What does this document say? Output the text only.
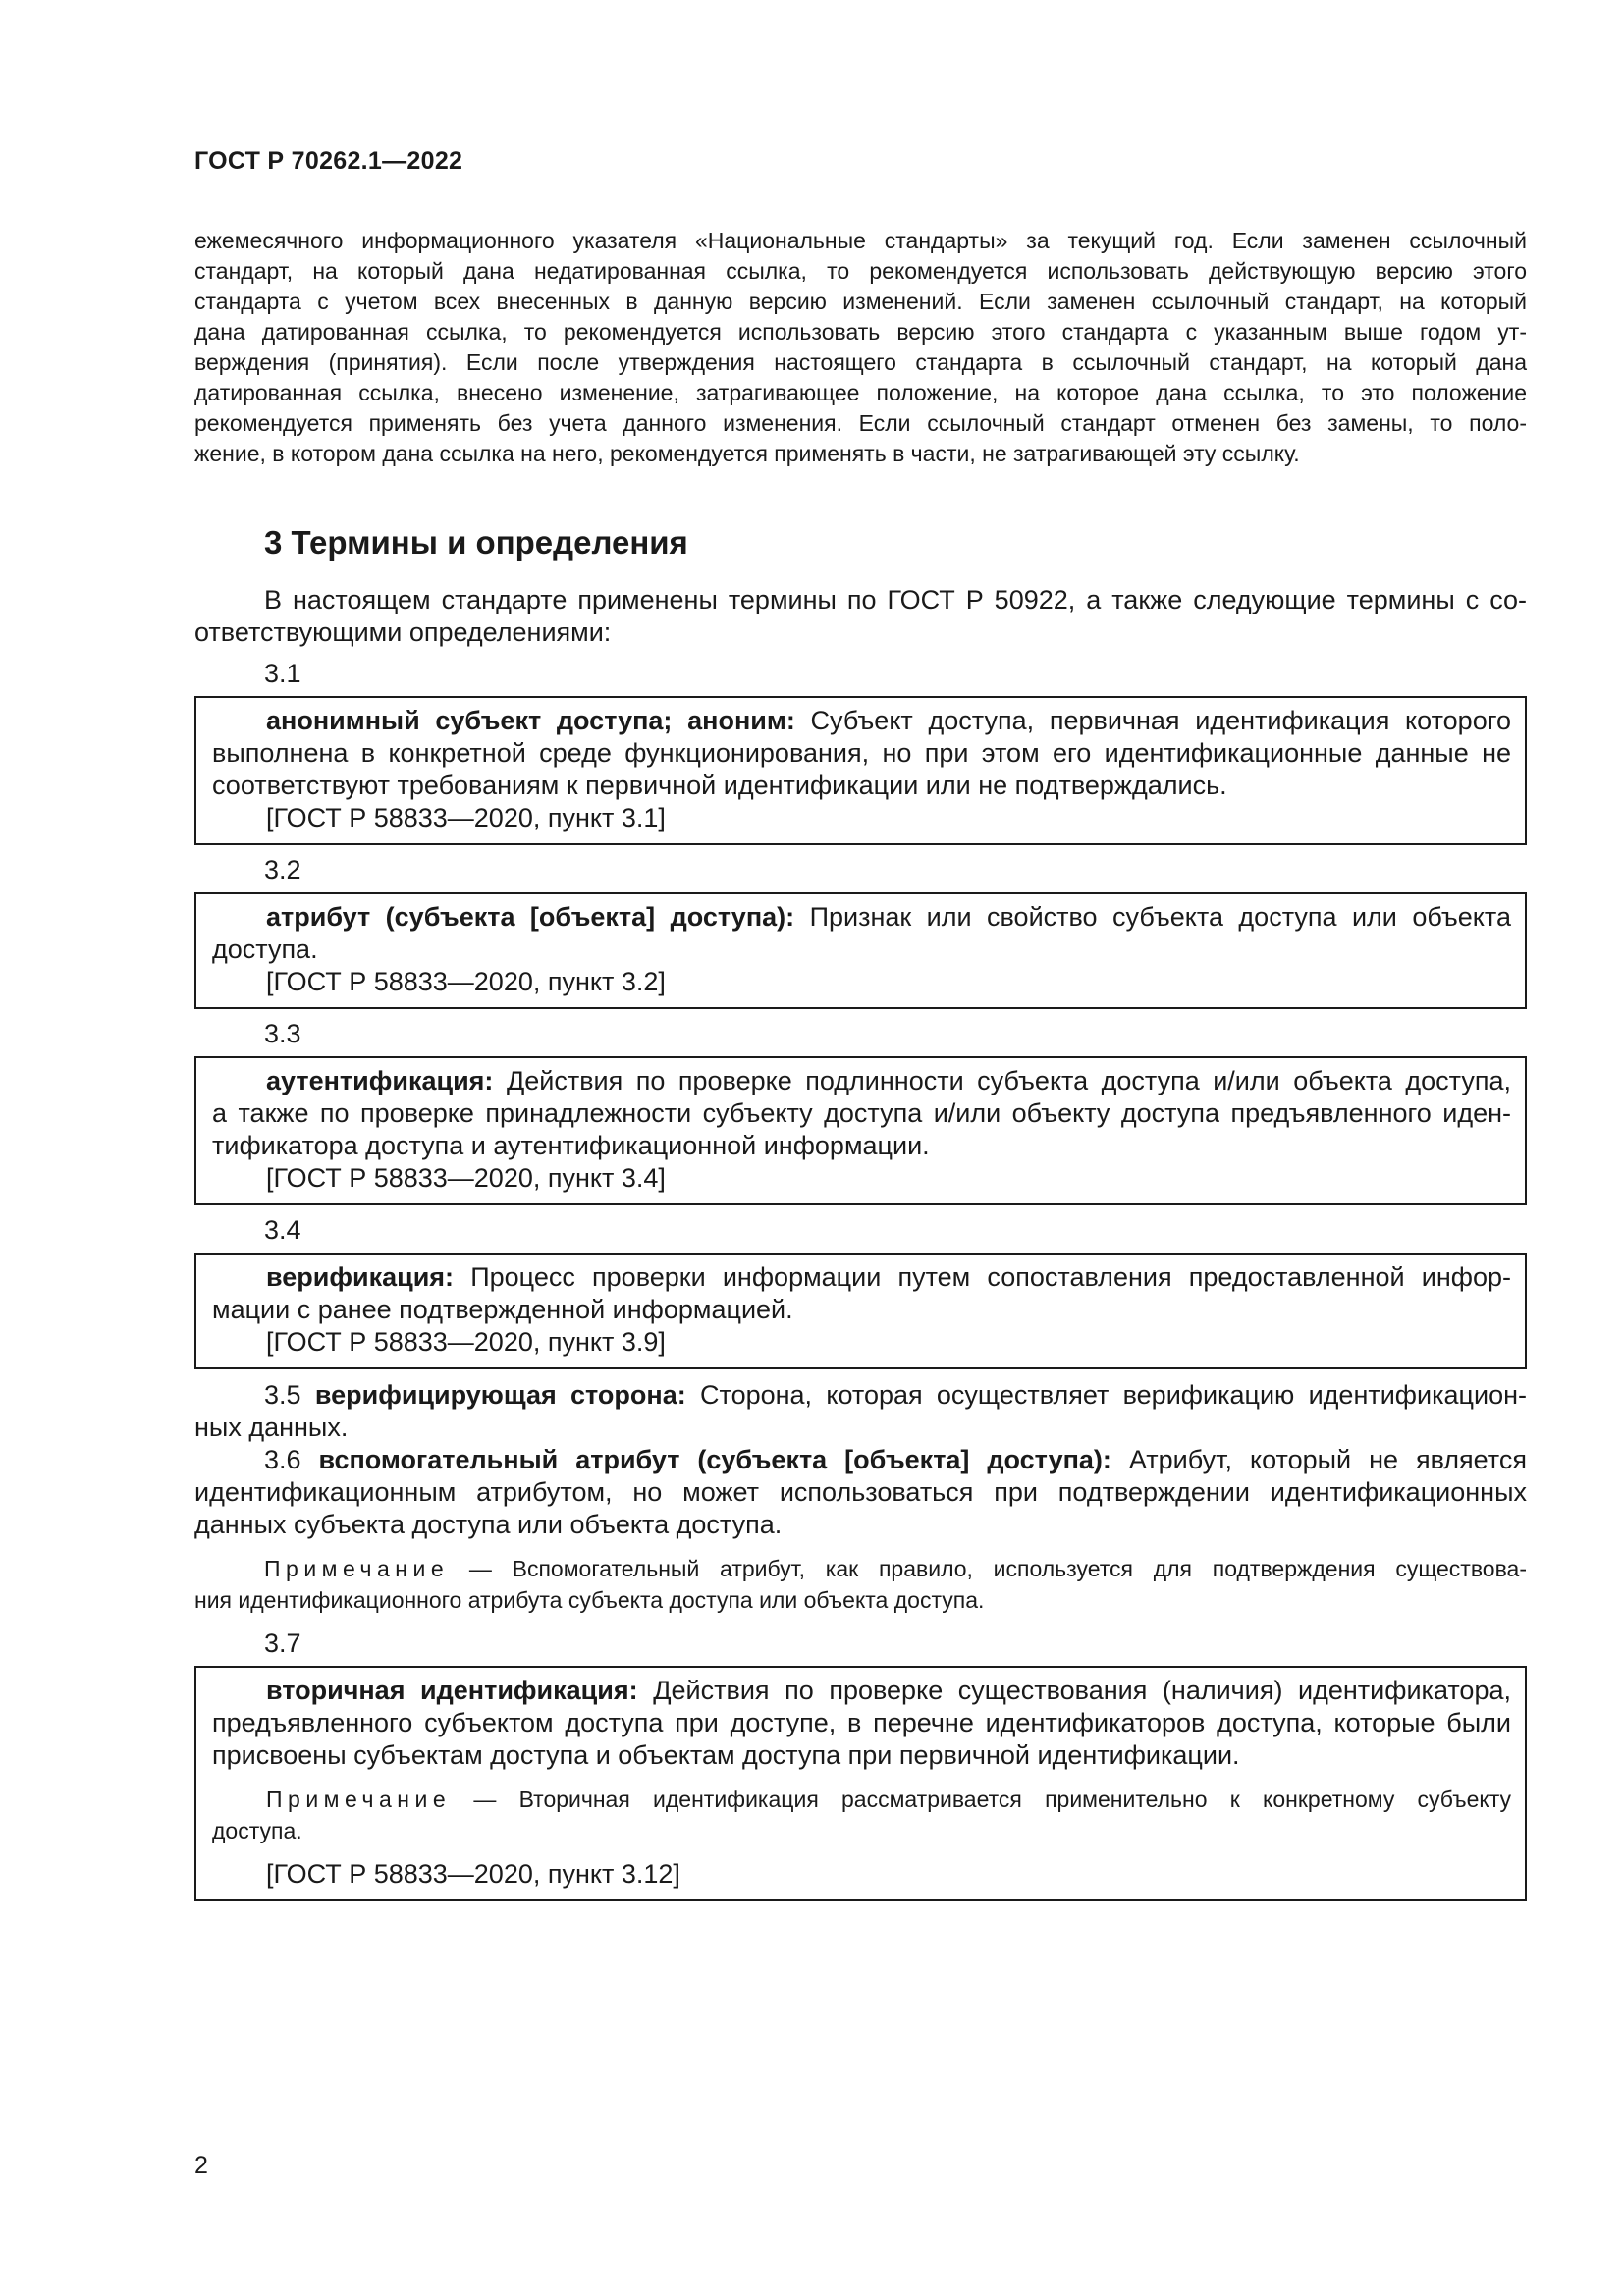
ГОСТ Р 70262.1—2022
ежемесячного информационного указателя «Национальные стандарты» за текущий год. Если заменен ссылочный
стандарт, на который дана недатированная ссылка, то рекомендуется использовать действующую версию этого
стандарта с учетом всех внесенных в данную версию изменений. Если заменен ссылочный стандарт, на который
дана датированная ссылка, то рекомендуется использовать версию этого стандарта с указанным выше годом ут-
верждения (принятия). Если после утверждения настоящего стандарта в ссылочный стандарт, на который дана
датированная ссылка, внесено изменение, затрагивающее положение, на которое дана ссылка, то это положение
рекомендуется применять без учета данного изменения. Если ссылочный стандарт отменен без замены, то поло-
жение, в котором дана ссылка на него, рекомендуется применять в части, не затрагивающей эту ссылку.
3 Термины и определения

В настоящем стандарте применены термины по ГОСТ Р 50922, а также следующие термины с со-
ответствующими определениями:

3.1
анонимный субъект доступа; аноним: Субъект доступа, первичная идентификация которого
выполнена в конкретной среде функционирования, но при этом его идентификационные данные не
соответствуют требованиям к первичной идентификации или не подтверждались.
[ГОСТ Р 58833—2020, пункт 3.1]
3.2
атрибут (субъекта [объекта] доступа): Признак или свойство субъекта доступа или объекта
доступа.
[ГОСТ Р 58833—2020, пункт 3.2]
3.3
аутентификация: Действия по проверке подлинности субъекта доступа и/или объекта доступа,
а также по проверке принадлежности субъекту доступа и/или объекту доступа предъявленного иден-
тификатора доступа и аутентификационной информации.
[ГОСТ Р 58833—2020, пункт 3.4]
3.4
верификация: Процесс проверки информации путем сопоставления предоставленной инфор-
мации с ранее подтвержденной информацией.
[ГОСТ Р 58833—2020, пункт 3.9]

3.5 верифицирующая сторона: Сторона, которая осуществляет верификацию идентификацион-
ных данных.

3.6 вспомогательный атрибут (субъекта [объекта] доступа): Атрибут, который не является
идентификационным атрибутом, но может использоваться при подтверждении идентификационных
данных субъекта доступа или объекта доступа.

Примечание — Вспомогательный атрибут, как правило, используется для подтверждения существова-
ния идентификационного атрибута субъекта доступа или объекта доступа.

3.7
вторичная идентификация: Действия по проверке существования (наличия) идентификатора,
предъявленного субъектом доступа при доступе, в перечне идентификаторов доступа, которые были
присвоены субъектам доступа и объектам доступа при первичной идентификации.

Примечание — Вторичная идентификация рассматривается применительно к конкретному субъекту
доступа.

[ГОСТ Р 58833—2020, пункт 3.12]
2
